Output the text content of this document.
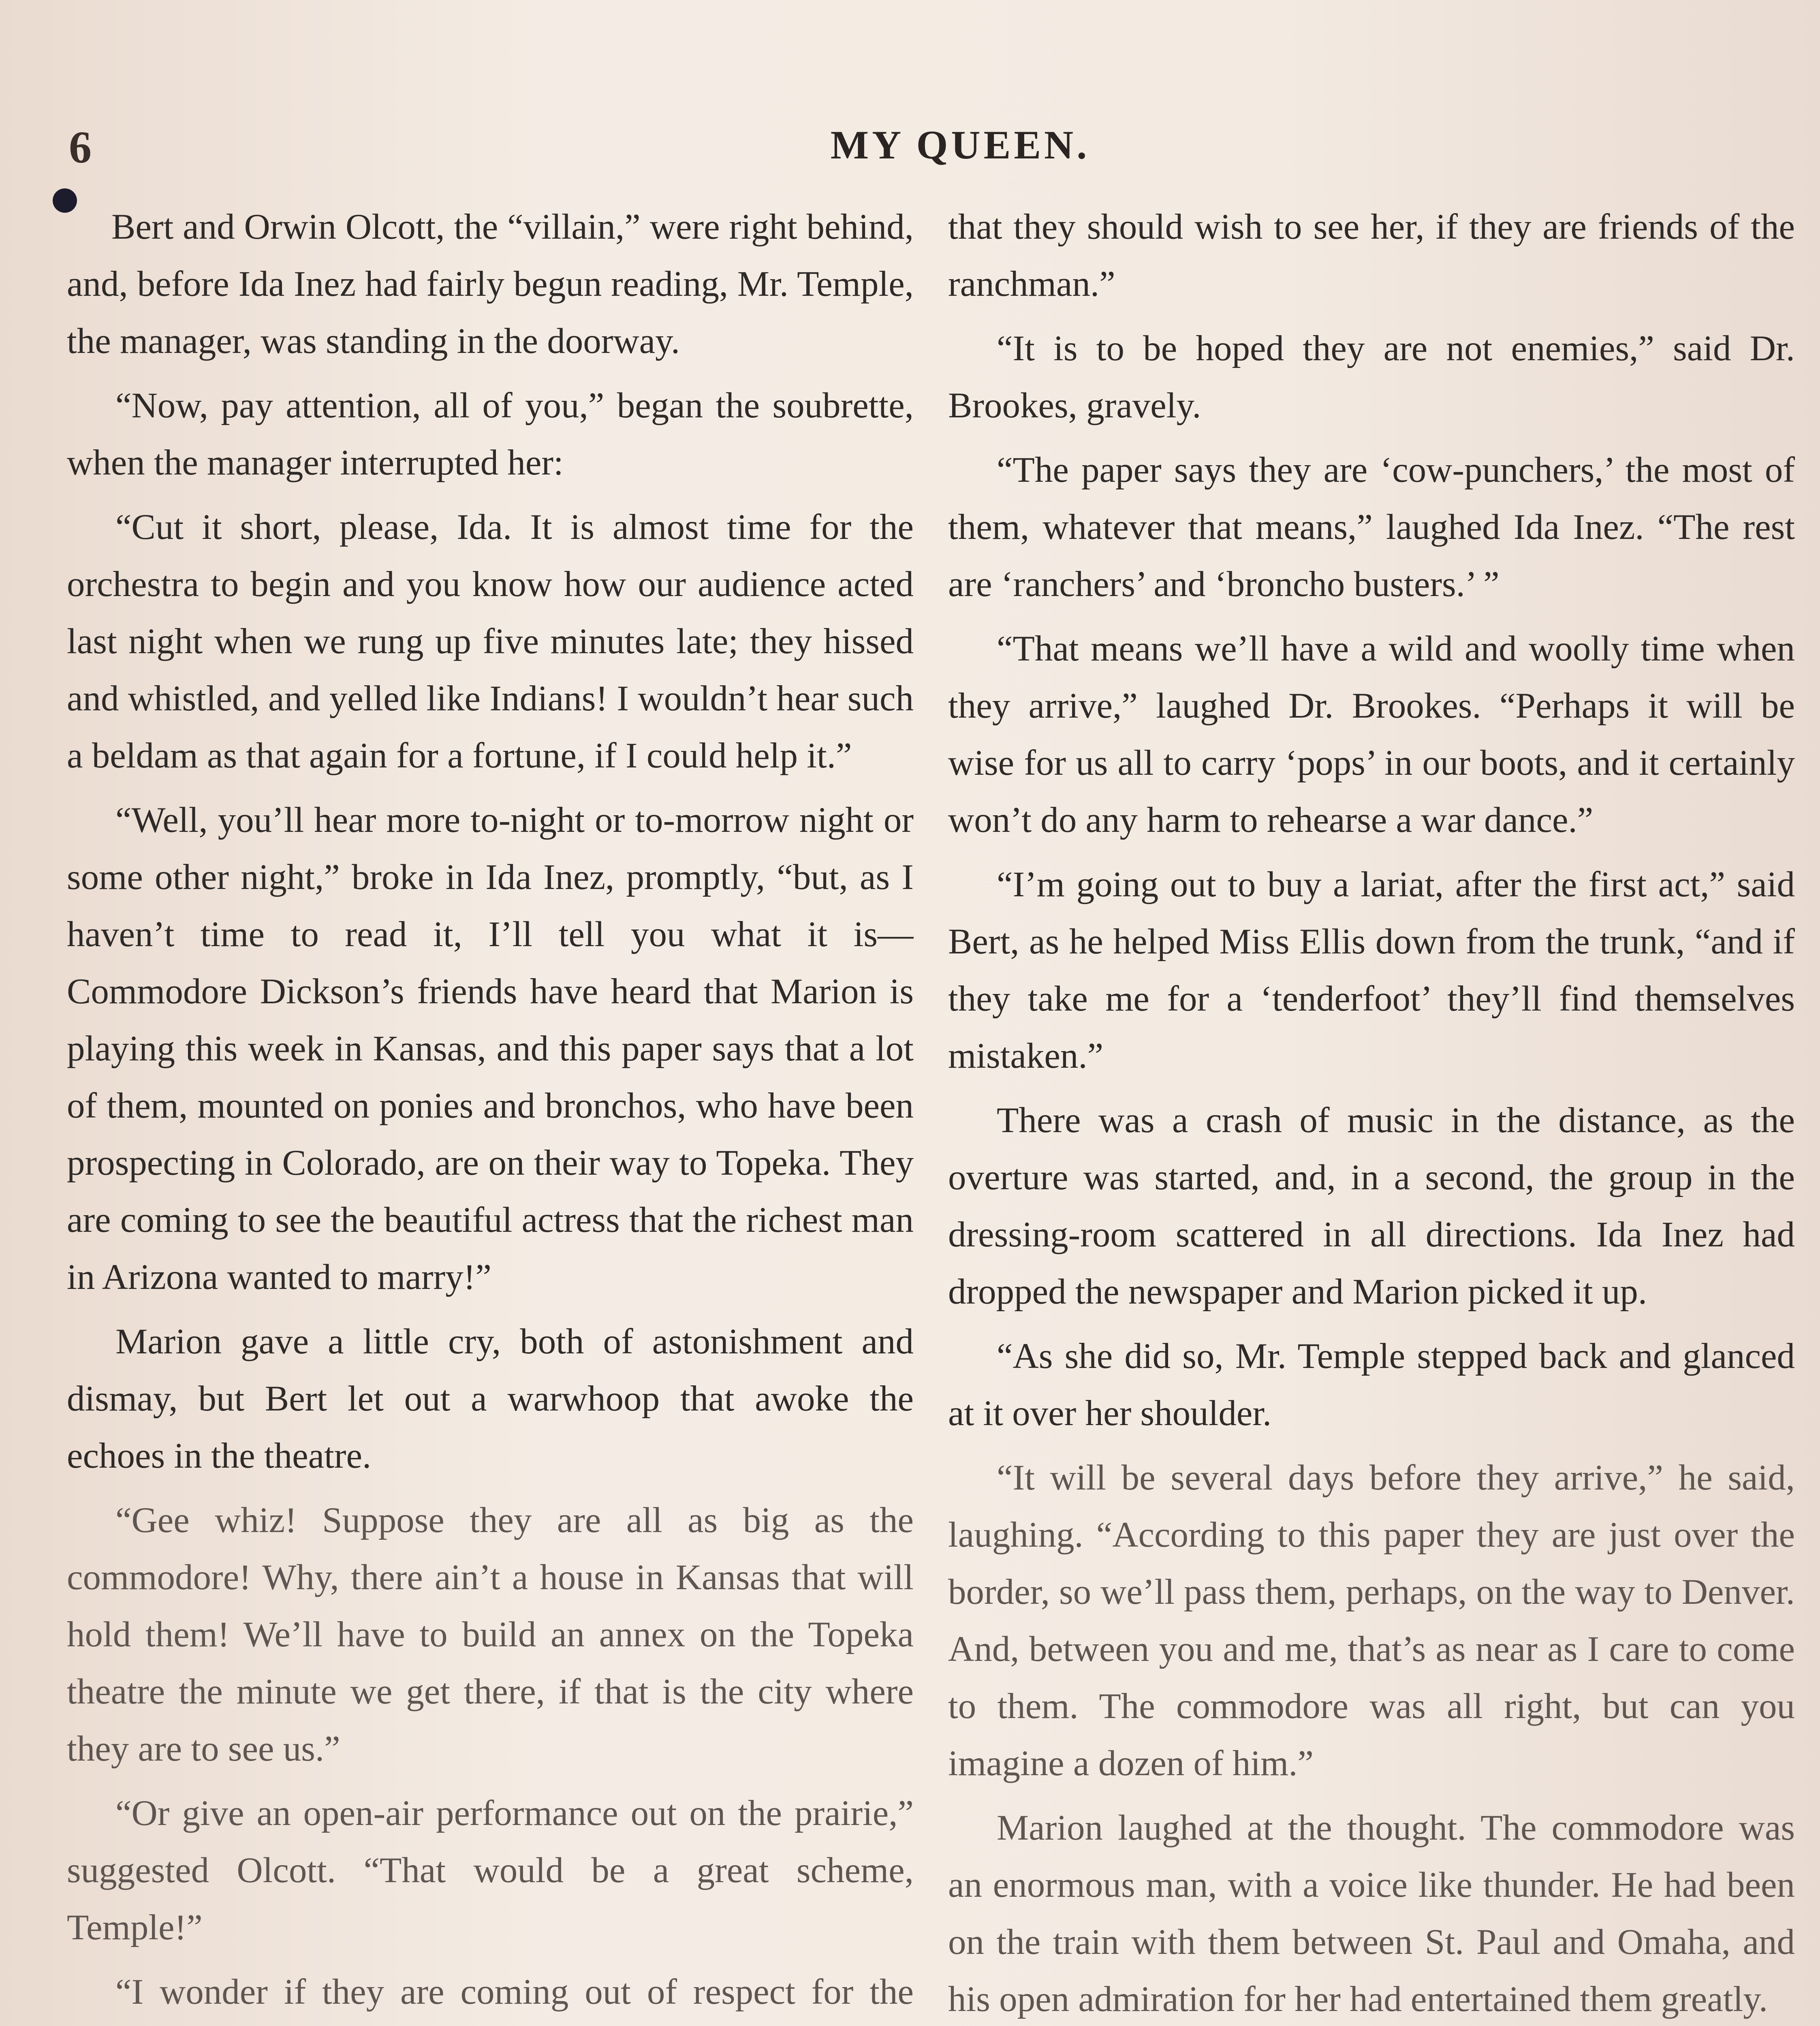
6	MY QUEEN.

Bert and Orwin Olcott, the “villain,” were right behind, and, before Ida Inez had fairly begun reading, Mr. Temple, the manager, was standing in the doorway.

“Now, pay attention, all of you,” began the soubrette, when the manager interrupted her:

“Cut it short, please, Ida. It is almost time for the orchestra to begin and you know how our audience acted last night when we rung up five minutes late; they hissed and whistled, and yelled like Indians! I wouldn’t hear such a beldam as that again for a fortune, if I could help it.”

“Well, you’ll hear more to-night or to-morrow night or some other night,” broke in Ida Inez, promptly, “but, as I haven’t time to read it, I’ll tell you what it is—Commodore Dickson’s friends have heard that Marion is playing this week in Kansas, and this paper says that a lot of them, mounted on ponies and bronchos, who have been prospecting in Colorado, are on their way to Topeka. They are coming to see the beautiful actress that the richest man in Arizona wanted to marry!”

Marion gave a little cry, both of astonishment and dismay, but Bert let out a warwhoop that awoke the echoes in the theatre.

“Gee whiz! Suppose they are all as big as the commodore! Why, there ain’t a house in Kansas that will hold them! We’ll have to build an annex on the Topeka theatre the minute we get there, if that is the city where they are to see us.”

“Or give an open-air performance out on the prairie,” suggested Olcott. “That would be a great scheme, Temple!”

“I wonder if they are coming out of respect for the

that they should wish to see her, if they are friends of the ranchman.”

“It is to be hoped they are not enemies,” said Dr. Brookes, gravely.

“The paper says they are ‘cow-punchers,’ the most of them, whatever that means,” laughed Ida Inez. “The rest are ‘ranchers’ and ‘broncho busters.’ ”

“That means we’ll have a wild and woolly time when they arrive,” laughed Dr. Brookes. “Perhaps it will be wise for us all to carry ‘pops’ in our boots, and it certainly won’t do any harm to rehearse a war dance.”

“I’m going out to buy a lariat, after the first act,” said Bert, as he helped Miss Ellis down from the trunk, “and if they take me for a ‘tenderfoot’ they’ll find themselves mistaken.”

There was a crash of music in the distance, as the overture was started, and, in a second, the group in the dressing-room scattered in all directions. Ida Inez had dropped the newspaper and Marion picked it up.

“As she did so, Mr. Temple stepped back and glanced at it over her shoulder.

“It will be several days before they arrive,” he said, laughing. “According to this paper they are just over the border, so we’ll pass them, perhaps, on the way to Denver. And, between you and me, that’s as near as I care to come to them. The commodore was all right, but can you imagine a dozen of him.”

Marion laughed at the thought. The commodore was an enormous man, with a voice like thunder. He had been on the train with them between St. Paul and Omaha, and his open admiration for her had entertained them greatly.
